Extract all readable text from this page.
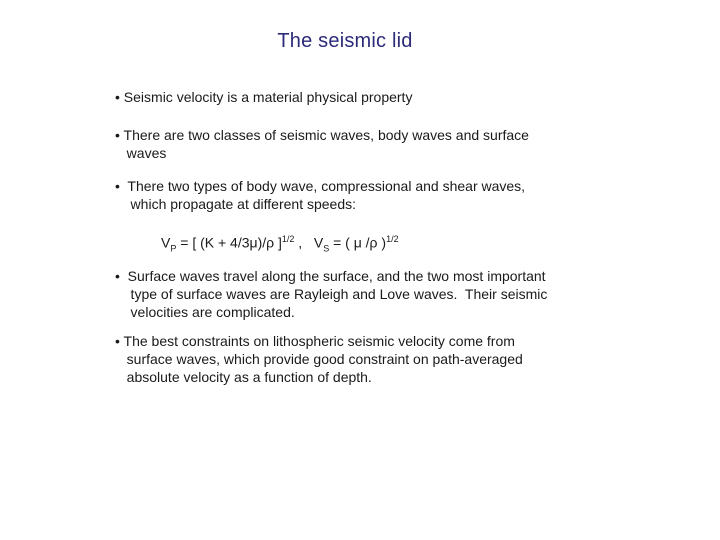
The seismic lid
• Seismic velocity is a material physical property
• There are two classes of seismic waves, body waves and surface
waves
•  There two types of body wave, compressional and shear waves,
which propagate at different speeds:
$V_P$ = [ (K + 4/3μ)/ρ ]$^{1/2}$ ,   $V_S$ = ( μ /ρ )$^{1/2}$
•  Surface waves travel along the surface, and the two most important
type of surface waves are Rayleigh and Love waves.  Their seismic
velocities are complicated.
• The best constraints on lithospheric seismic velocity come from
surface waves, which provide good constraint on path-averaged
absolute velocity as a function of depth.
